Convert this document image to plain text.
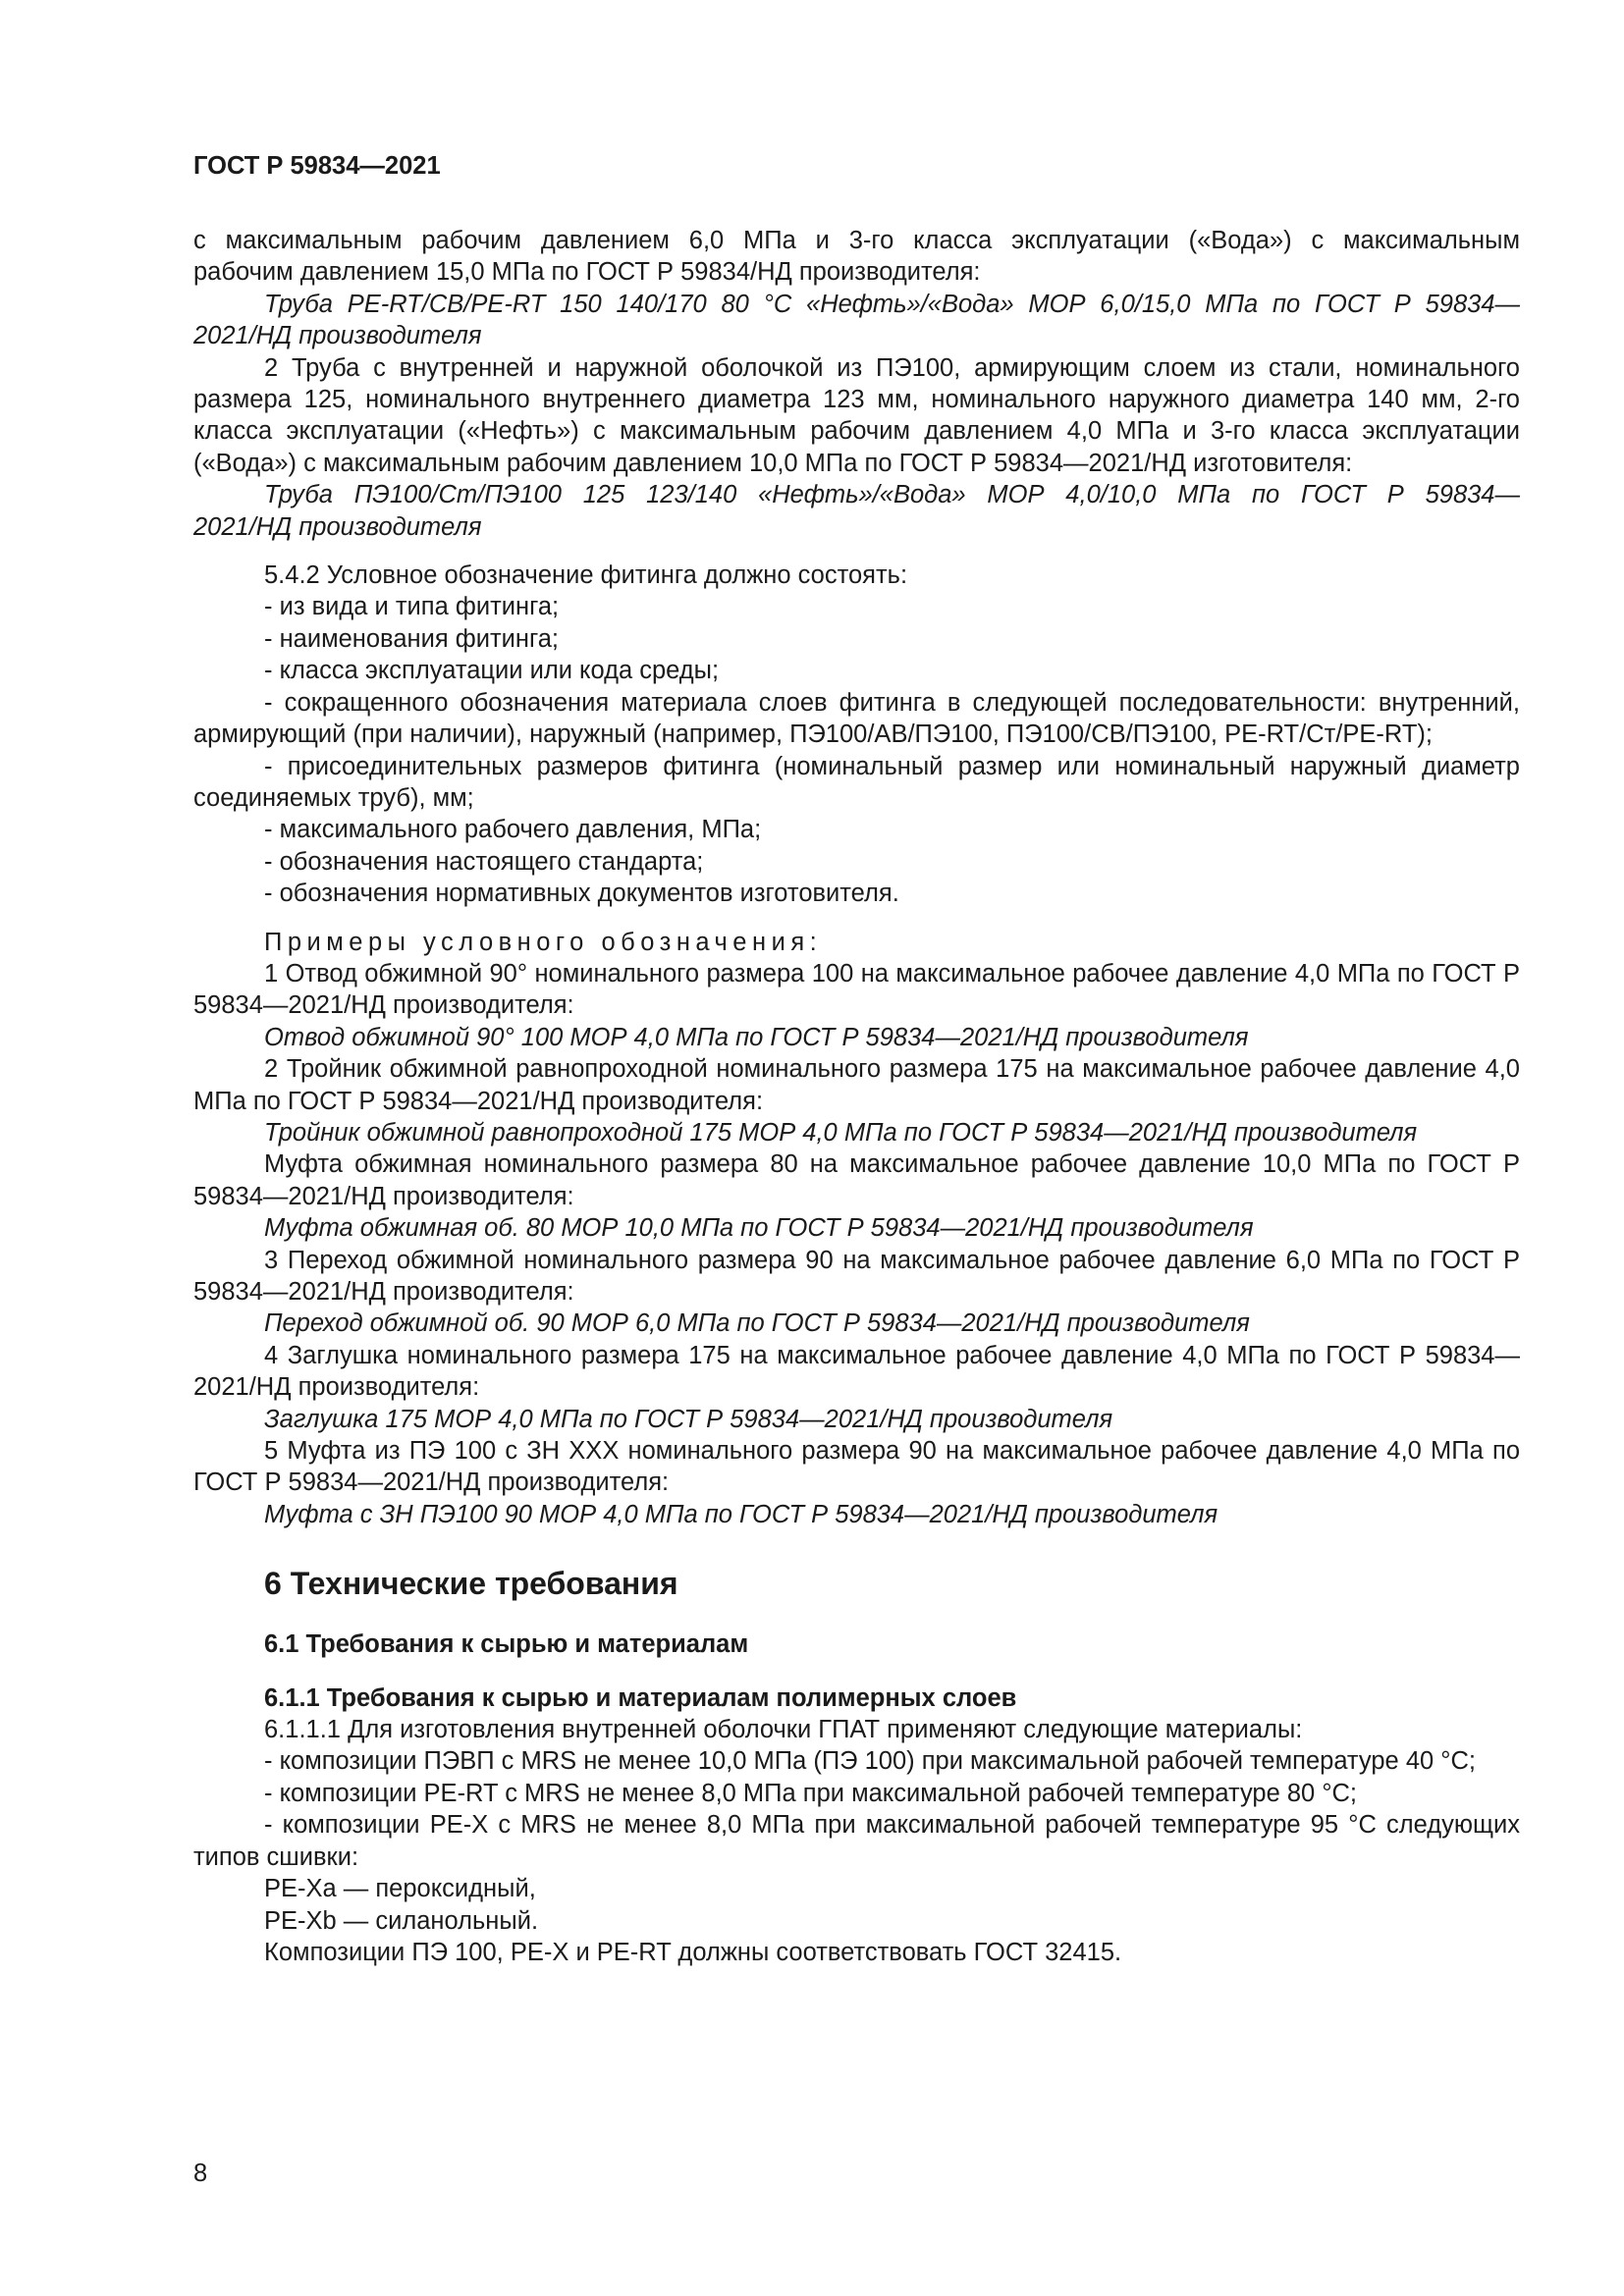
ГОСТ Р 59834—2021

с максимальным рабочим давлением 6,0 МПа и 3-го класса эксплуатации («Вода») с максимальным

рабочим давлением 15,0 МПа по ГОСТ Р 59834/НД производителя:

Труба PE-RT/CB/PE-RT 150 140/170 80 °С «Нефть»/«Вода» МОР 6,0/15,0 МПа по ГОСТ Р 59834—

2021/НД производителя

2 Труба с внутренней и наружной оболочкой из ПЭ100, армирующим слоем из стали, номинального размера 125, номинального внутреннего диаметра 123 мм, номинального наружного диаметра 140 мм, 2-го класса эксплуатации («Нефть») с максимальным рабочим давлением 4,0 МПа и 3-го класса эксплуатации («Вода») с максимальным рабочим давлением 10,0 МПа по ГОСТ Р 59834—2021/НД изготовителя:

Труба ПЭ100/Ст/ПЭ100 125 123/140 «Нефть»/«Вода» МОР 4,0/10,0 МПа по ГОСТ Р 59834—

2021/НД производителя

5.4.2 Условное обозначение фитинга должно состоять:

- из вида и типа фитинга;

- наименования фитинга;

- класса эксплуатации или кода среды;

- сокращенного обозначения материала слоев фитинга в следующей последовательности: внутренний, армирующий (при наличии), наружный (например, ПЭ100/АВ/ПЭ100, ПЭ100/СВ/ПЭ100, PE-RT/Ст/PE-RT);

- присоединительных размеров фитинга (номинальный размер или номинальный наружный диаметр соединяемых труб), мм;

- максимального рабочего давления, МПа;

- обозначения настоящего стандарта;

- обозначения нормативных документов изготовителя.

Примеры условного обозначения:

1 Отвод обжимной 90° номинального размера 100 на максимальное рабочее давление 4,0 МПа по ГОСТ Р 59834—2021/НД производителя:

Отвод обжимной 90° 100 МОР 4,0 МПа по ГОСТ Р 59834—2021/НД производителя

2 Тройник обжимной равнопроходной номинального размера 175 на максимальное рабочее давление 4,0 МПа по ГОСТ Р 59834—2021/НД производителя:

Тройник обжимной равнопроходной 175 МОР 4,0 МПа по ГОСТ Р 59834—2021/НД производителя

Муфта обжимная номинального размера 80 на максимальное рабочее давление 10,0 МПа по ГОСТ Р 59834—2021/НД производителя:

Муфта обжимная об. 80 МОР 10,0 МПа по ГОСТ Р 59834—2021/НД производителя

3 Переход обжимной номинального размера 90 на максимальное рабочее давление 6,0 МПа по ГОСТ Р 59834—2021/НД производителя:

Переход обжимной об. 90 МОР 6,0 МПа по ГОСТ Р 59834—2021/НД производителя

4 Заглушка номинального размера 175 на максимальное рабочее давление 4,0 МПа по ГОСТ Р 59834—2021/НД производителя:

Заглушка 175 МОР 4,0 МПа по ГОСТ Р 59834—2021/НД производителя

5 Муфта из ПЭ 100 с ЗН ХХХ номинального размера 90 на максимальное рабочее давление 4,0 МПа по ГОСТ Р 59834—2021/НД производителя:

Муфта с ЗН ПЭ100 90 МОР 4,0 МПа по ГОСТ Р 59834—2021/НД производителя

6 Технические требования
6.1 Требования к сырью и материалам
6.1.1 Требования к сырью и материалам полимерных слоев

6.1.1.1 Для изготовления внутренней оболочки ГПАТ применяют следующие материалы:

- композиции ПЭВП с MRS не менее 10,0 МПа (ПЭ 100) при максимальной рабочей температуре 40 °С;

- композиции PE-RT с MRS не менее 8,0 МПа при максимальной рабочей температуре 80 °С;

- композиции PE-X с MRS не менее 8,0 МПа при максимальной рабочей температуре 95 °С следующих типов сшивки:

PE-Xa — пероксидный,

PE-Xb — силанольный.

Композиции ПЭ 100, PE-X и PE-RT должны соответствовать ГОСТ 32415.

8
